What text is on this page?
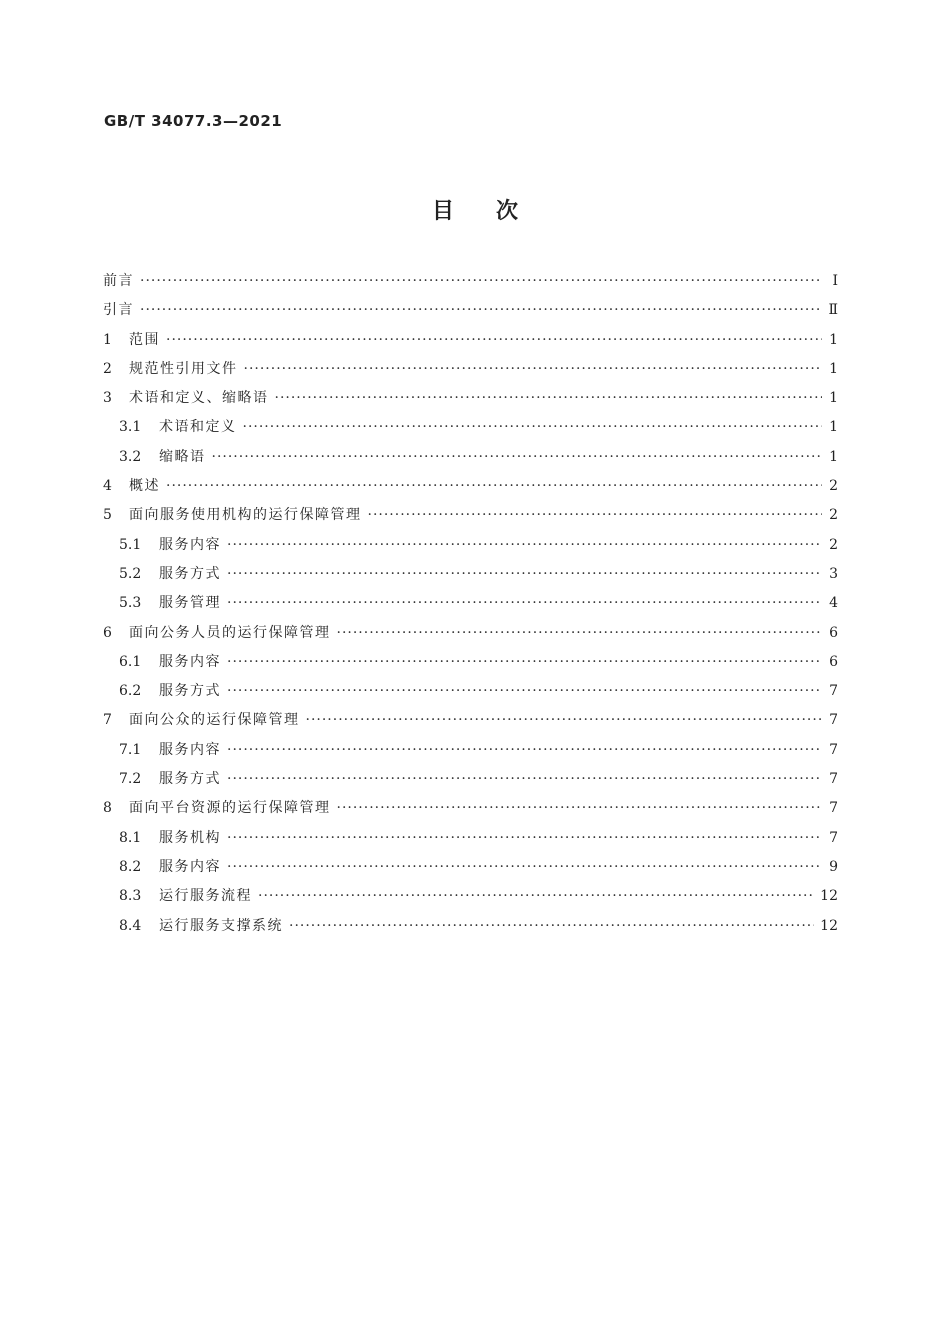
GB/T 34077.3—2021
目次
前言 ·····	Ⅰ
引言 ·····	Ⅱ
1	范围 ·····	1
2	规范性引用文件 ·····	1
3	术语和定义、缩略语 ·····	1
3.1	术语和定义 ·····	1
3.2	缩略语 ·····	1
4	概述 ·····	2
5	面向服务使用机构的运行保障管理 ·····	2
5.1	服务内容 ·····	2
5.2	服务方式 ·····	3
5.3	服务管理 ·····	4
6	面向公务人员的运行保障管理 ·····	6
6.1	服务内容 ·····	6
6.2	服务方式 ·····	7
7	面向公众的运行保障管理 ·····	7
7.1	服务内容 ·····	7
7.2	服务方式 ·····	7
8	面向平台资源的运行保障管理 ·····	7
8.1	服务机构 ·····	7
8.2	服务内容 ·····	9
8.3	运行服务流程 ·····	12
8.4	运行服务支撑系统 ·····	12
